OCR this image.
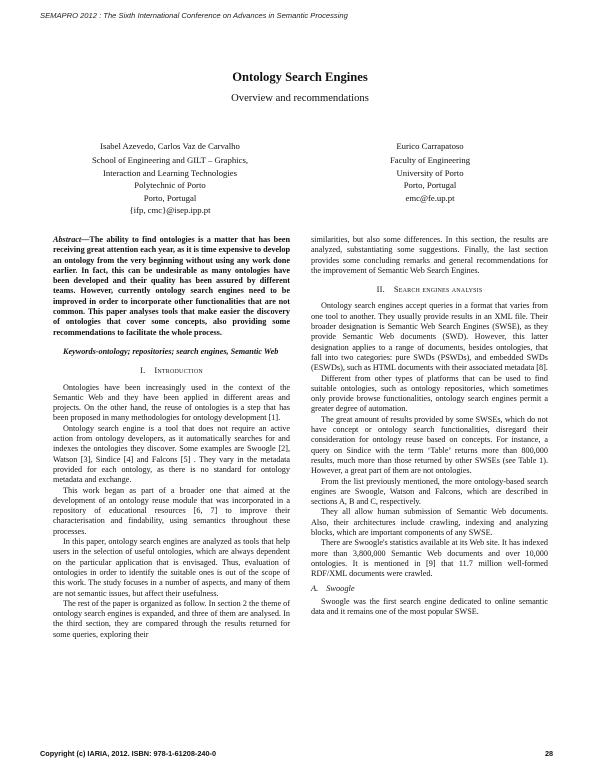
SEMAPRO 2012 : The Sixth International Conference on Advances in Semantic Processing
Ontology Search Engines
Overview and recommendations
Isabel Azevedo, Carlos Vaz de Carvalho
School of Engineering and GILT – Graphics,
Interaction and Learning Technologies
Polytechnic of Porto
Porto, Portugal
{ifp, cmc}@isep.ipp.pt
Eurico Carrapatoso
Faculty of Engineering
University of Porto
Porto, Portugal
emc@fe.up.pt

Abstract—The ability to find ontologies is a matter that has been receiving great attention each year, as it is time expensive to develop an ontology from the very beginning without using any work done earlier. In fact, this can be undesirable as many ontologies have been developed and their quality has been assured by different teams. However, currently ontology search engines need to be improved in order to incorporate other functionalities that are not common. This paper analyses tools that make easier the discovery of ontologies that cover some concepts, also providing some recommendations to facilitate the whole process.

Keywords-ontology; repositories; search engines, Semantic Web

I. Introduction

Ontologies have been increasingly used in the context of the Semantic Web and they have been applied in different areas and projects. On the other hand, the reuse of ontologies is a step that has been proposed in many methodologies for ontology development [1].

Ontology search engine is a tool that does not require an active action from ontology developers, as it automatically searches for and indexes the ontologies they discover. Some examples are Swoogle [2], Watson [3], Sindice [4] and Falcons [5] . They vary in the metadata provided for each ontology, as there is no standard for ontology metadata and exchange.

This work began as part of a broader one that aimed at the development of an ontology reuse module that was incorporated in a repository of educational resources [6, 7] to improve their characterisation and findability, using semantics throughout these processes.

In this paper, ontology search engines are analyzed as tools that help users in the selection of useful ontologies, which are always dependent on the particular application that is envisaged. Thus, evaluation of ontologies in order to identify the suitable ones is out of the scope of this work. The study focuses in a number of aspects, and many of them are not semantic issues, but affect their usefulness.

The rest of the paper is organized as follow. In section 2 the theme of ontology search engines is expanded, and three of them are analysed. In the third section, they are compared through the results returned for some queries, exploring their

similarities, but also some differences. In this section, the results are analyzed, substantiating some suggestions. Finally, the last section provides some concluding remarks and general recommendations for the improvement of Semantic Web Search Engines.

II. Search engines analysis

Ontology search engines accept queries in a format that varies from one tool to another. They usually provide results in an XML file. Their broader designation is Semantic Web Search Engines (SWSE), as they provide Semantic Web documents (SWD). However, this latter designation applies to a range of documents, besides ontologies, that fall into two categories: pure SWDs (PSWDs), and embedded SWDs (ESWDs), such as HTML documents with their associated metadata [8].

Different from other types of platforms that can be used to find suitable ontologies, such as ontology repositories, which sometimes only provide browse functionalities, ontology search engines permit a greater degree of automation.

The great amount of results provided by some SWSEs, which do not have concept or ontology search functionalities, disregard their consideration for ontology reuse based on concepts. For instance, a query on Sindice with the term ‘Table’ returns more than 800,000 results, much more than those returned by other SWSEs (see Table 1). However, a great part of them are not ontologies.

From the list previously mentioned, the more ontology-based search engines are Swoogle, Watson and Falcons, which are described in sections A, B and C, respectively.

They all allow human submission of Semantic Web documents. Also, their architectures include crawling, indexing and analyzing blocks, which are important components of any SWSE.

There are Swoogle's statistics available at its Web site. It has indexed more than 3,800,000 Semantic Web documents and over 10,000 ontologies. It is mentioned in [9] that 11.7 million well-formed RDF/XML documents were crawled.

A. Swoogle

Swoogle was the first search engine dedicated to online semantic data and it remains one of the most popular SWSE.

Copyright (c) IARIA, 2012. ISBN: 978-1-61208-240-0	28
